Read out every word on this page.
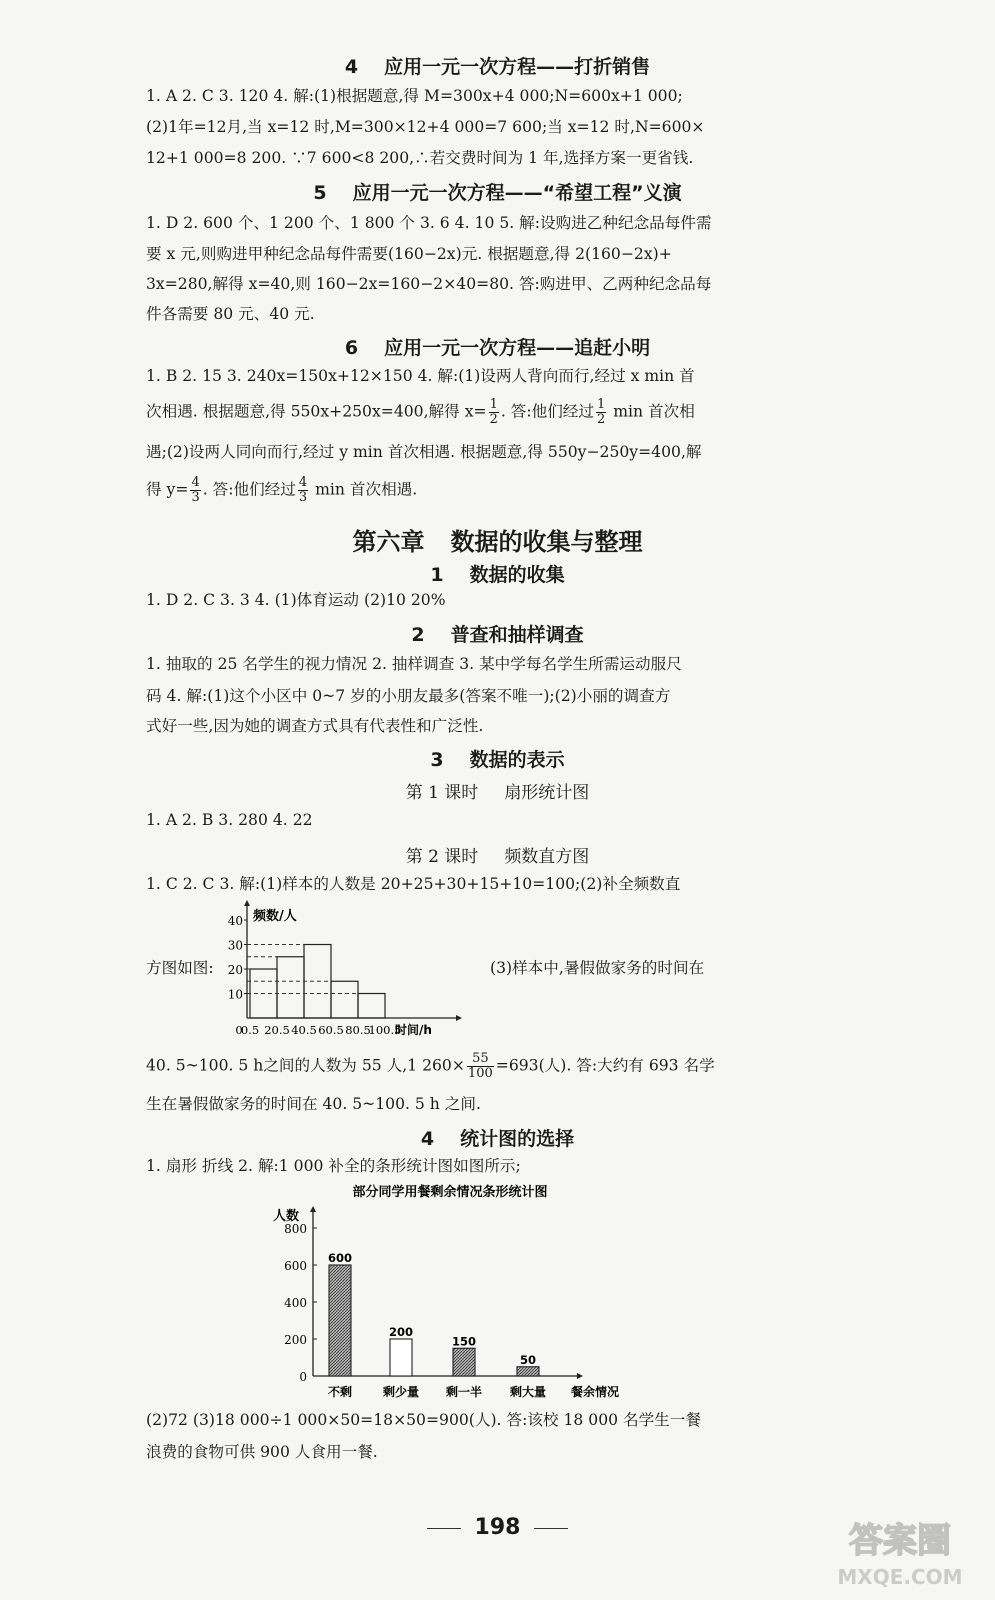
4 应用一元一次方程——打折销售
1. A 2. C 3. 120 4. 解:(1)根据题意,得 M=300x+4 000;N=600x+1 000;
(2)1年=12月,当 x=12 时,M=300×12+4 000=7 600;当 x=12 时,N=600×
12+1 000=8 200. ∵7 600<8 200,∴若交费时间为 1 年,选择方案一更省钱.
5 应用一元一次方程——“希望工程”义演
1. D 2. 600 个、1 200 个、1 800 个 3. 6 4. 10 5. 解:设购进乙种纪念品每件需
要 x 元,则购进甲种纪念品每件需要(160−2x)元. 根据题意,得 2(160−2x)+
3x=280,解得 x=40,则 160−2x=160−2×40=80. 答:购进甲、乙两种纪念品每
件各需要 80 元、40 元.
6 应用一元一次方程——追赶小明
1. B 2. 15 3. 240x=150x+12×150 4. 解:(1)设两人背向而行,经过 x min 首
次相遇. 根据题意,得 550x+250x=400,解得 $x= \frac{1}{2}$ . 答:他们经过 $\frac{1}{2}$ min 首次相
遇;(2)设两人同向而行,经过 y min 首次相遇. 根据题意,得 550y−250y=400,解
得 $y= \frac{4}{3}$ . 答:他们经过 $\frac{4}{3}$ min 首次相遇.
第六章 数据的收集与整理
1 数据的收集
1. D 2. C 3. 3 4. (1)体育运动 (2)10 20%
2 普查和抽样调查
1. 抽取的 25 名学生的视力情况 2. 抽样调查 3. 某中学每名学生所需运动服尺
码 4. 解:(1)这个小区中 0~7 岁的小朋友最多(答案不唯一);(2)小丽的调查方
式好一些,因为她的调查方式具有代表性和广泛性.
3 数据的表示
第 1 课时 扇形统计图
1. A 2. B 3. 280 4. 22
第 2 课时 频数直方图
1. C 2. C 3. 解:(1)样本的人数是 20+25+30+15+10=100;(2)补全频数直
方图如图:	(3)样本中,暑假做家务的时间在
10
20
30
40 频数/人
0
0.5 20.5 40.5 60.5 80.5
100.5
时间/h
40. 5~100. 5 h之间的人数为 55 人,1 $260\times \frac{55}{100} =693$(人). 答:大约有 693 名学
生在暑假做家务的时间在 40. 5~100. 5 h 之间.
4 统计图的选择
1. 扇形 折线 2. 解:1 000 补全的条形统计图如图所示;
部分同学用餐剩余情况条形统计图
人数
0
200
400
600
800
600
不剩
200
剩少量
150
剩一半
50
剩大量 餐余情况
(2)72 (3)18 000÷1 000×50=18×50=900(人). 答:该校 18 000 名学生一餐
浪费的食物可供 900 人食用一餐.
198	答案圈
MXQE.COM
